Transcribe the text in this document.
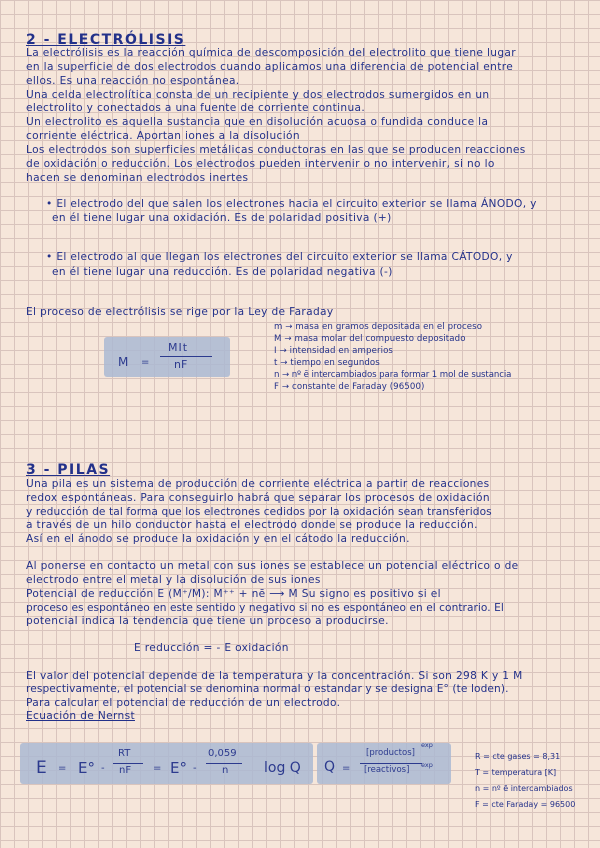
2 - ELECTRÓLISIS
La electrólisis es la reacción química de descomposición del electrolito que tiene lugar
en la superficie de dos electrodos cuando aplicamos una diferencia de potencial entre
ellos. Es una reacción no espontánea.
Una celda electrolítica consta de un recipiente y dos electrodos sumergidos en un
electrolito y conectados a una fuente de corriente continua.
Un electrolito es aquella sustancia que en disolución acuosa o fundida conduce la
corriente eléctrica. Aportan iones a la disolución
Los electrodos son superficies metálicas conductoras en las que se producen reacciones
de oxidación o reducción. Los electrodos pueden intervenir o no intervenir, si no lo
hacen se denominan electrodos inertes
• El electrodo del que salen los electrones hacia el circuito exterior se llama ÁNODO, y
en él tiene lugar una oxidación. Es de polaridad positiva (+)
• El electrodo al que llegan los electrones del circuito exterior se llama CÁTODO, y
en él tiene lugar una reducción. Es de polaridad negativa (-)
El proceso de electrólisis se rige por la Ley de Faraday
M =
MIt
nF
m → masa en gramos depositada en el proceso
M → masa molar del compuesto depositado
I → intensidad en amperios
t → tiempo en segundos
n → nº ē intercambiados para formar 1 mol de sustancia
F → constante de Faraday (96500)
3 - PILAS
Una pila es un sistema de producción de corriente eléctrica a partir de reacciones
redox espontáneas. Para conseguirlo habrá que separar los procesos de oxidación
y reducción de tal forma que los electrones cedidos por la oxidación sean transferidos
a través de un hilo conductor hasta el electrodo donde se produce la reducción.
Así en el ánodo se produce la oxidación y en el cátodo la reducción.
Al ponerse en contacto un metal con sus iones se establece un potencial eléctrico o de
electrodo entre el metal y la disolución de sus iones
Potencial de reducción E (M⁺/M): M⁺⁺ + nē ⟶ M Su signo es positivo si el
proceso es espontáneo en este sentido y negativo si no es espontáneo en el contrario. El
potencial indica la tendencia que tiene un proceso a producirse.
E reducción = - E oxidación
El valor del potencial depende de la temperatura y la concentración. Si son 298 K y 1 M
respectivamente, el potencial se denomina normal o estandar y se designa E° (te loden).
Para calcular el potencial de reducción de un electrodo.
Ecuación de Nernst
E = E° -
RT
nF = E° -
0,059
n	log Q Q =
[productos]
exp
[reactivos] exp
R = cte gases = 8,31
T = temperatura [K]
n = nº ē intercambiados
F = cte Faraday = 96500
